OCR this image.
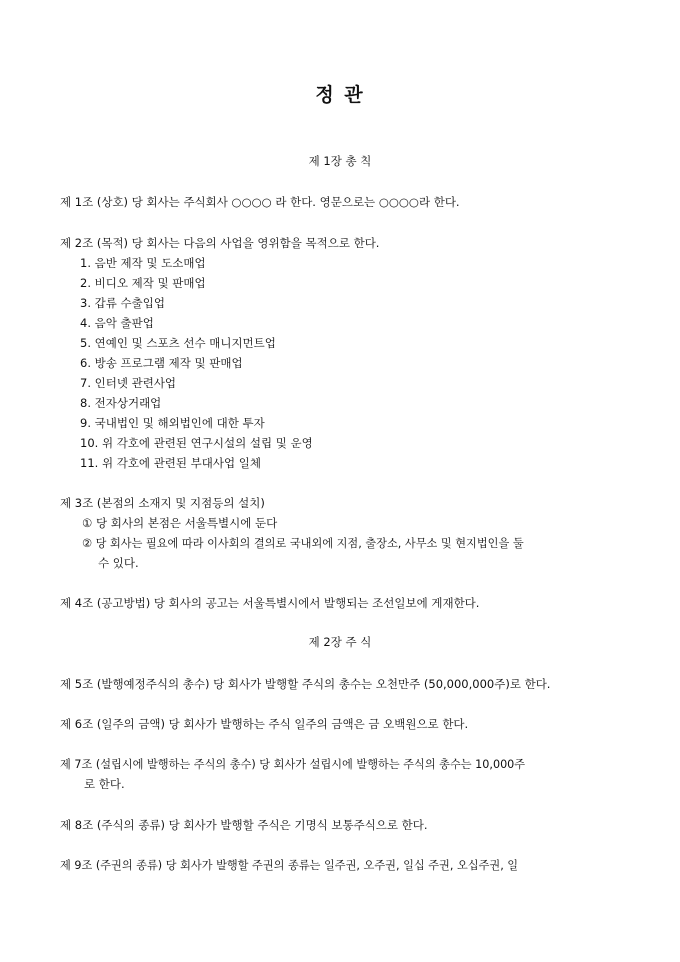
정 관
제 1장 총 칙
제 1조 (상호) 당 회사는 주식회사 ○○○○ 라 한다. 영문으로는 ○○○○라 한다.
제 2조 (목적) 당 회사는 다음의 사업을 영위함을 목적으로 한다.
1. 음반 제작 및 도소매업
2. 비디오 제작 및 판매업
3. 갑류 수출입업
4. 음악 출판업
5. 연예인 및 스포츠 선수 매니지먼트업
6. 방송 프로그램 제작 및 판매업
7. 인터넷 관련사업
8. 전자상거래업
9. 국내법인 및 해외법인에 대한 투자
10. 위 각호에 관련된 연구시설의 설립 및 운영
11. 위 각호에 관련된 부대사업 일체
제 3조 (본점의 소재지 및 지점등의 설치)
① 당 회사의 본점은 서울특별시에 둔다
② 당 회사는 필요에 따라 이사회의 결의로 국내외에 지점, 출장소, 사무소 및 현지법인을 둘
수 있다.
제 4조 (공고방법) 당 회사의 공고는 서울특별시에서 발행되는 조선일보에 게재한다.
제 2장 주 식
제 5조 (발행예정주식의 총수) 당 회사가 발행할 주식의 총수는 오천만주 (50,000,000주)로 한다.
제 6조 (일주의 금액) 당 회사가 발행하는 주식 일주의 금액은 금 오백원으로 한다.
제 7조 (설립시에 발행하는 주식의 총수) 당 회사가 설립시에 발행하는 주식의 총수는 10,000주
로 한다.
제 8조 (주식의 종류) 당 회사가 발행할 주식은 기명식 보통주식으로 한다.
제 9조 (주권의 종류) 당 회사가 발행할 주권의 종류는 일주권, 오주권, 일십 주권, 오십주권, 일
